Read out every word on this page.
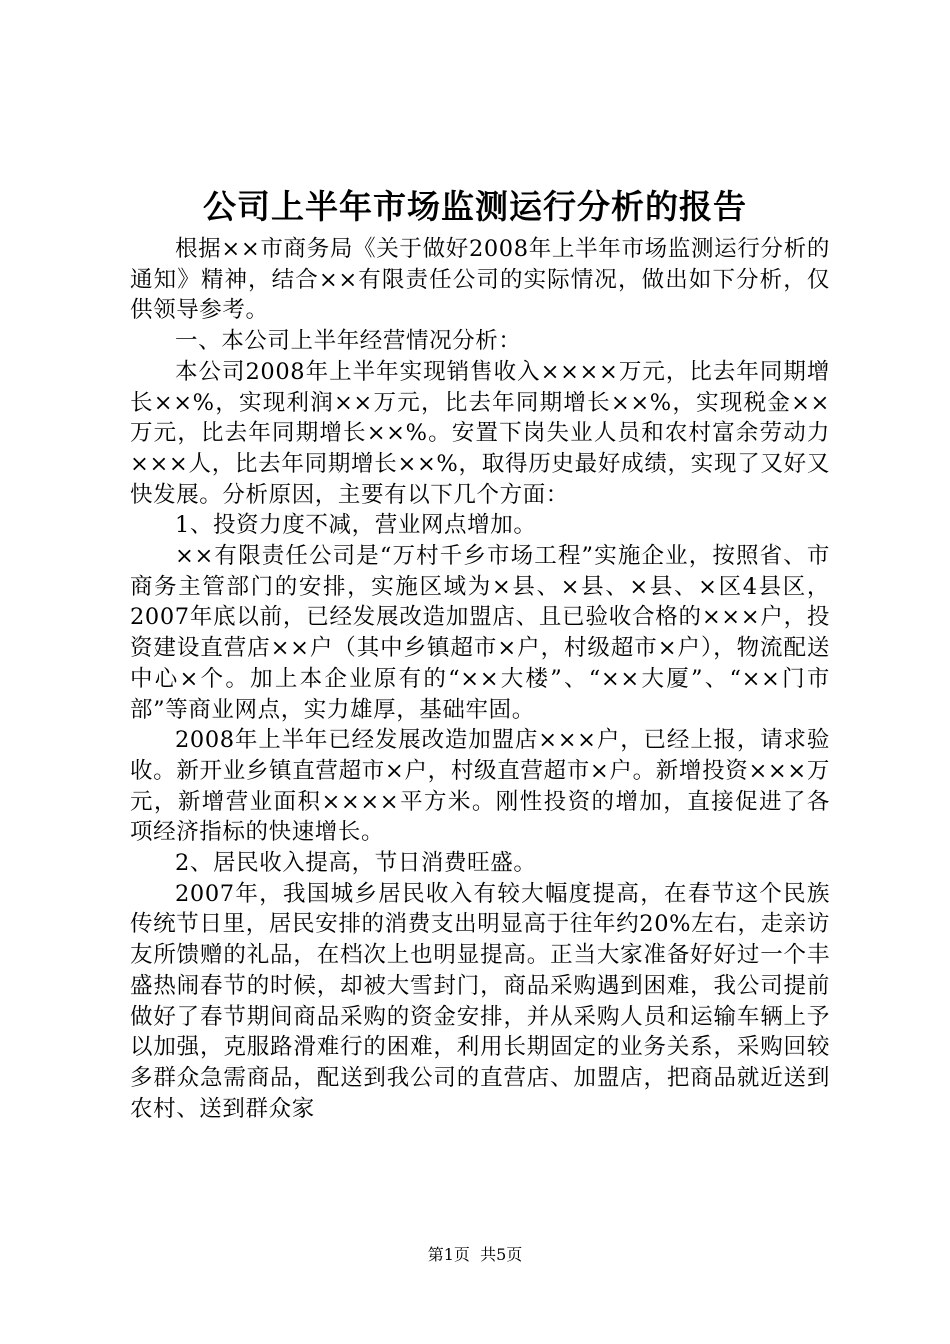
公司上半年市场监测运行分析的报告

根据××市商务局《关于做好2008年上半年市场监测运行分析的通知》精神，结合××有限责任公司的实际情况，做出如下分析，仅供领导参考。

一、本公司上半年经营情况分析：

本公司2008年上半年实现销售收入××××万元，比去年同期增长××%，实现利润××万元，比去年同期增长××%，实现税金××万元，比去年同期增长××%。安置下岗失业人员和农村富余劳动力×××人，比去年同期增长××%，取得历史最好成绩，实现了又好又快发展。分析原因，主要有以下几个方面：

1、投资力度不减，营业网点增加。

××有限责任公司是“万村千乡市场工程”实施企业，按照省、市商务主管部门的安排，实施区域为×县、×县、×县、×区4县区，2007年底以前，已经发展改造加盟店、且已验收合格的×××户，投资建设直营店××户（其中乡镇超市×户，村级超市×户），物流配送中心×个。加上本企业原有的“××大楼”、“××大厦”、“××门市部”等商业网点，实力雄厚，基础牢固。

2008年上半年已经发展改造加盟店×××户，已经上报，请求验收。新开业乡镇直营超市×户，村级直营超市×户。新增投资×××万元，新增营业面积××××平方米。刚性投资的增加，直接促进了各项经济指标的快速增长。

2、居民收入提高，节日消费旺盛。

2007年，我国城乡居民收入有较大幅度提高，在春节这个民族传统节日里，居民安排的消费支出明显高于往年约20%左右，走亲访友所馈赠的礼品，在档次上也明显提高。正当大家准备好好过一个丰盛热闹春节的时候，却被大雪封门，商品采购遇到困难，我公司提前做好了春节期间商品采购的资金安排，并从采购人员和运输车辆上予以加强，克服路滑难行的困难，利用长期固定的业务关系，采购回较多群众急需商品，配送到我公司的直营店、加盟店，把商品就近送到农村、送到群众家

第1页  共5页
